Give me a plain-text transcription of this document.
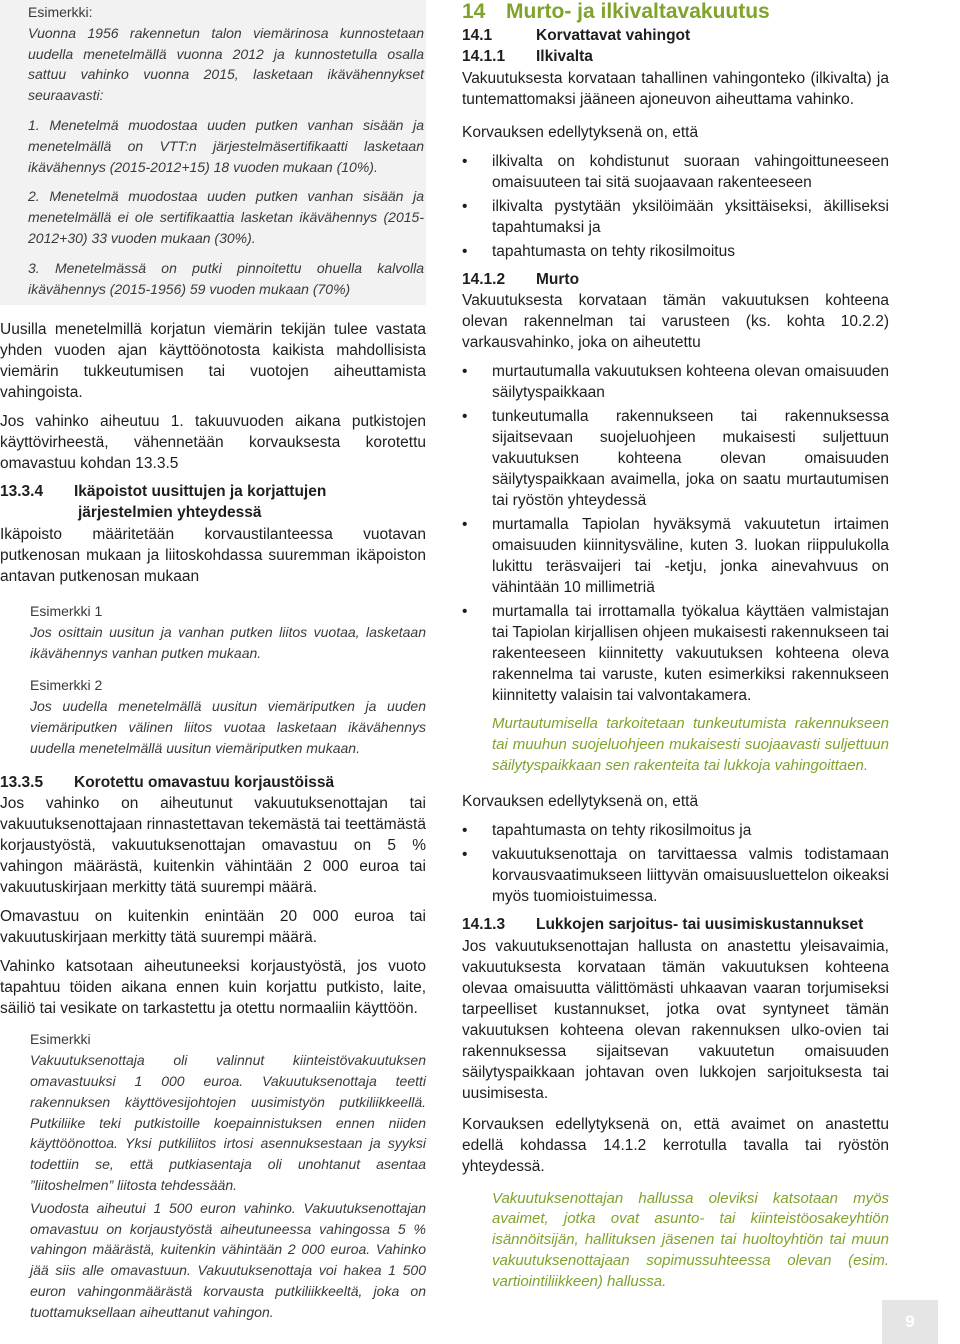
Esimerkki:

Vuonna 1956 rakennetun talon viemärinosa kunnostetaan uudella menetelmällä vuonna 2012 ja kunnostetulla osalla sattuu vahinko vuonna 2015, lasketaan ikävähennykset seuraavasti:

1. Menetelmä muodostaa uuden putken vanhan sisään ja menetelmällä on VTT:n järjestelmäsertifikaatti lasketaan ikävähennys (2015-2012+15) 18 vuoden mukaan (10%).

2. Menetelmä muodostaa uuden putken vanhan sisään ja menetelmällä ei ole sertifikaattia lasketan ikävähennys (2015-2012+30) 33 vuoden mukaan (30%).

3. Menetelmässä on putki pinnoitettu ohuella kalvolla ikävähennys (2015-1956) 59 vuoden mukaan (70%)

Uusilla menetelmillä korjatun viemärin tekijän tulee vastata yhden vuoden ajan käyttöönotosta kaikista mahdollisista viemärin tukkeutumisen tai vuotojen aiheuttamista vahingoista.

Jos vahinko aiheutuu 1. takuuvuoden aikana putkistojen käyttövirheestä, vähennetään korvauksesta korotettu omavastuu kohdan 13.3.5

13.3.4 Ikäpoistot uusittujen ja korjattujen
järjestelmien yhteydessä

Ikäpoisto määritetään korvaustilanteessa vuotavan putkenosan mukaan ja liitoskohdassa suuremman ikäpoiston antavan putkenosan mukaan

Esimerkki 1

Jos osittain uusitun ja vanhan putken liitos vuotaa, lasketaan ikävähennys vanhan putken mukaan.

Esimerkki 2

Jos uudella menetelmällä uusitun viemäriputken ja uuden viemäriputken välinen liitos vuotaa lasketaan ikävähennys uudella menetelmällä uusitun viemäriputken mukaan.

13.3.5 Korotettu omavastuu korjaustöissä

Jos vahinko on aiheutunut vakuutuksenottajan tai vakuutuksenottajaan rinnastettavan tekemästä tai teettämästä korjaustyöstä, vakuutuksenottajan omavastuu on 5 % vahingon määrästä, kuitenkin vähintään 2 000 euroa tai vakuutuskirjaan merkitty tätä suurempi määrä.

Omavastuu on kuitenkin enintään 20 000 euroa tai vakuutuskirjaan merkitty tätä suurempi määrä.

Vahinko katsotaan aiheutuneeksi korjaustyöstä, jos vuoto tapahtuu töiden aikana ennen kuin korjattu putkisto, laite, säiliö tai vesikate on tarkastettu ja otettu normaaliin käyttöön.

Esimerkki

Vakuutuksenottaja oli valinnut kiinteistövakuutuksen omavastuuksi 1 000 euroa. Vakuutuksenottaja teetti rakennuksen käyttövesijohtojen uusimistyön putkiliikkeellä. Putkiliike teki putkistoille koepainnistuksen ennen niiden käyttöönottoa. Yksi putkiliitos irtosi asennuksestaan ja syyksi todettiin se, että putkiasentaja oli unohtanut asentaa ”liitoshelmen” liitosta tehdessään.

Vuodosta aiheutui 1 500 euron vahinko. Vakuutuksenottajan omavastuu on korjaustyöstä aiheutuneessa vahingossa 5 % vahingon määrästä, kuitenkin vähintään 2 000 euroa. Vahinko jää siis alle omavastuun. Vakuutuksenottaja voi hakea 1 500 euron vahingonmäärästä korvausta putkiliikkeeltä, joka on tuottamuksellaan aiheuttanut vahingon.

14 Murto- ja ilkivaltavakuutus
14.1	Korvattavat vahingot
14.1.1 Ilkivalta

Vakuutuksesta korvataan tahallinen vahingonteko (ilkivalta) ja tuntemattomaksi jääneen ajoneuvon aiheuttama vahinko.

Korvauksen edellytyksenä on, että

• ilkivalta on kohdistunut suoraan vahingoittuneeseen omaisuuteen tai sitä suojaavaan rakenteeseen
• ilkivalta pystytään yksilöimään yksittäiseksi, äkilliseksi tapahtumaksi ja
• tapahtumasta on tehty rikosilmoitus
14.1.2 Murto

Vakuutuksesta korvataan tämän vakuutuksen kohteena olevan rakennelman tai varusteen (ks. kohta 10.2.2) varkausvahinko, joka on aiheutettu

• murtautumalla vakuutuksen kohteena olevan omaisuuden säilytyspaikkaan
• tunkeutumalla rakennukseen tai rakennuksessa sijaitsevaan suojeluohjeen mukaisesti suljettuun vakuutuksen kohteena olevan omaisuuden säilytyspaikkaan avaimella, joka on saatu murtautumisen tai ryöstön yhteydessä
• murtamalla Tapiolan hyväksymä vakuutetun irtaimen omaisuuden kiinnitysväline, kuten 3. luokan riippulukolla lukittu teräsvaijeri tai -ketju, jonka ainevahvuus on vähintään 10 millimetriä
• murtamalla tai irrottamalla työkalua käyttäen valmistajan tai Tapiolan kirjallisen ohjeen mukaisesti rakennukseen tai rakenteeseen kiinnitetty vakuutuksen kohteena oleva rakennelma tai varuste, kuten esimerkiksi rakennukseen kiinnitetty valaisin tai valvontakamera.

Murtautumisella tarkoitetaan tunkeutumista rakennukseen tai muuhun suojeluohjeen mukaisesti suojaavasti suljettuun säilytyspaikkaan sen rakenteita tai lukkoja vahingoittaen.

Korvauksen edellytyksenä on, että

• tapahtumasta on tehty rikosilmoitus ja
• vakuutuksenottaja on tarvittaessa valmis todistamaan korvausvaatimukseen liittyvän omaisuusluettelon oikeaksi myös tuomioistuimessa.
14.1.3 Lukkojen sarjoitus- tai uusimiskustannukset

Jos vakuutuksenottajan hallusta on anastettu yleisavaimia, vakuutuksesta korvataan tämän vakuutuksen kohteena olevaa omaisuutta välittömästi uhkaavan vaaran torjumiseksi tarpeelliset kustannukset, jotka ovat syntyneet tämän vakuutuksen kohteena olevan rakennuksen ulko-ovien tai rakennuksessa sijaitsevan vakuutetun omaisuuden säilytyspaikkaan johtavan oven lukkojen sarjoituksesta tai uusimisesta.

Korvauksen edellytyksenä on, että avaimet on anastettu edellä kohdassa 14.1.2 kerrotulla tavalla tai ryöstön yhteydessä.

Vakuutuksenottajan hallussa oleviksi katsotaan myös avaimet, jotka ovat asunto- tai kiinteistöosakeyhtiön isännöitsijän, hallituksen jäsenen tai huoltoyhtiön tai muun vakuutuksenottajaan sopimussuhteessa olevan (esim. vartiointiliikkeen) hallussa.

9
